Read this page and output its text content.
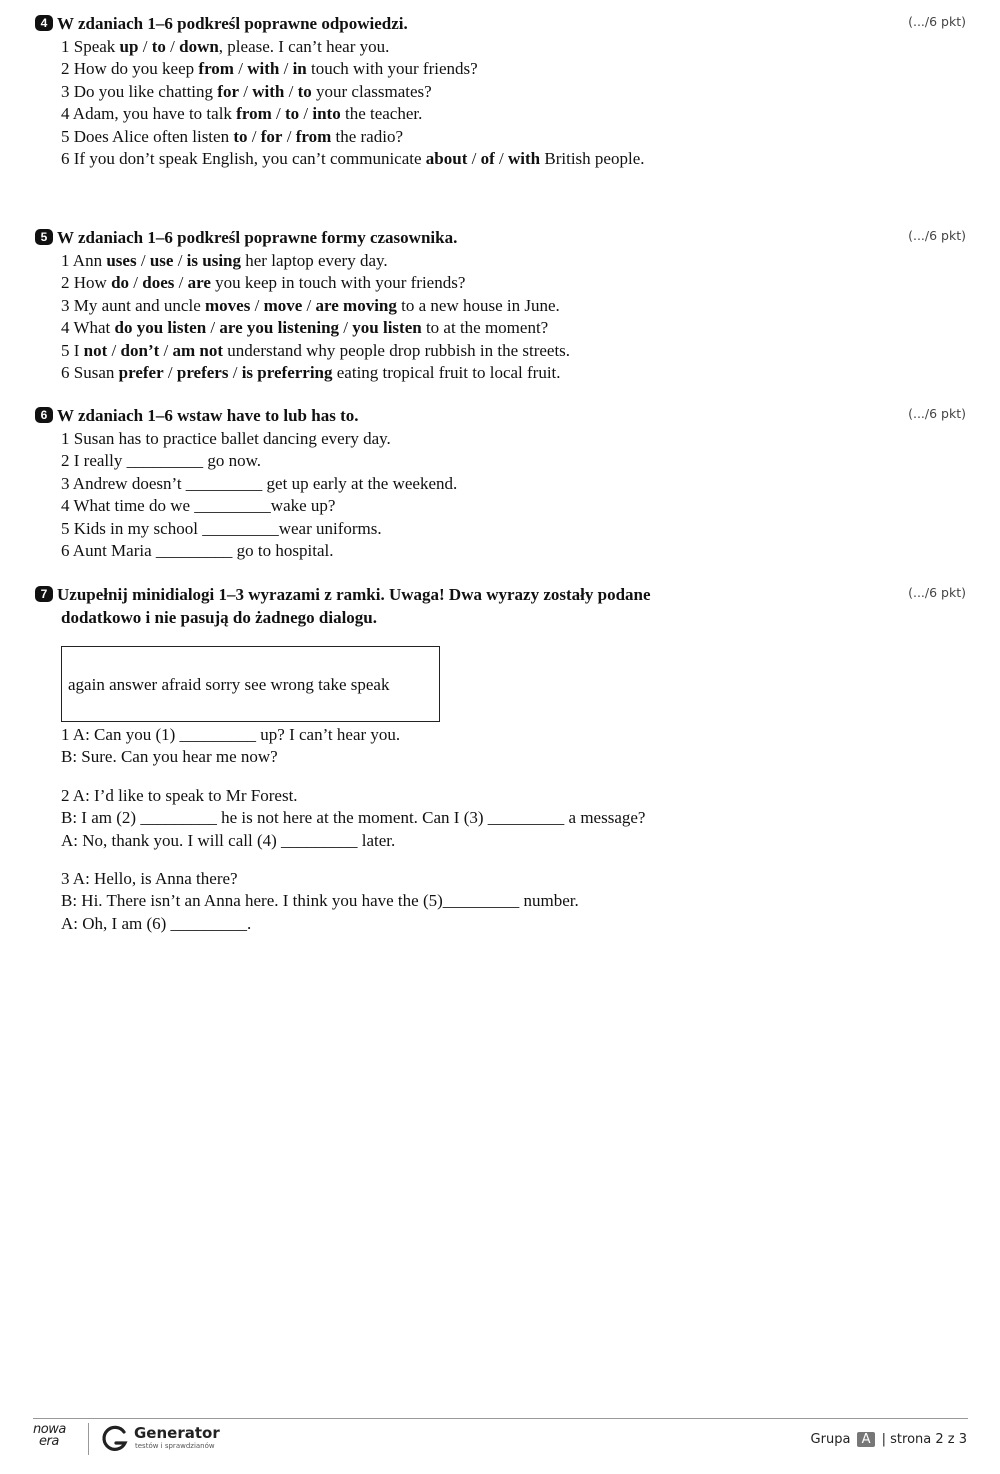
4 W zdaniach 1–6 podkreśl poprawne odpowiedzi.	(.../6 pkt)
1 Speak up / to / down, please. I can’t hear you.
2 How do you keep from / with / in touch with your friends?
3 Do you like chatting for / with / to your classmates?
4 Adam, you have to talk from / to / into the teacher.
5 Does Alice often listen to / for / from the radio?
6 If you don’t speak English, you can’t communicate about / of / with British people.
5 W zdaniach 1–6 podkreśl poprawne formy czasownika.	(.../6 pkt)
1 Ann uses / use / is using her laptop every day.
2 How do / does / are you keep in touch with your friends?
3 My aunt and uncle moves / move / are moving to a new house in June.
4 What do you listen / are you listening / you listen to at the moment?
5 I not / don’t / am not understand why people drop rubbish in the streets.
6 Susan prefer / prefers / is preferring eating tropical fruit to local fruit.
6 W zdaniach 1–6 wstaw have to lub has to.	(.../6 pkt)
1 Susan has to practice ballet dancing every day.
2 I really _________ go now.
3 Andrew doesn’t _________ get up early at the weekend.
4 What time do we _________wake up?
5 Kids in my school _________wear uniforms.
6 Aunt Maria _________ go to hospital.
7 Uzupełnij minidialogi 1–3 wyrazami z ramki. Uwaga! Dwa wyrazy zostały podane	(.../6 pkt)
dodatkowo i nie pasują do żadnego dialogu.
again answer afraid sorry see wrong take speak
1 A: Can you (1) _________ up? I can’t hear you.
B: Sure. Can you hear me now?
2 A: I’d like to speak to Mr Forest.
B: I am (2) _________ he is not here at the moment. Can I (3) _________ a message?
A: No, thank you. I will call (4) _________ later.
3 A: Hello, is Anna there?
B: Hi. There isn’t an Anna here. I think you have the (5)_________ number.
A: Oh, I am (6) _________.
nowa
era	Generator
testów i sprawdzianów	Grupa A | strona 2 z 3
